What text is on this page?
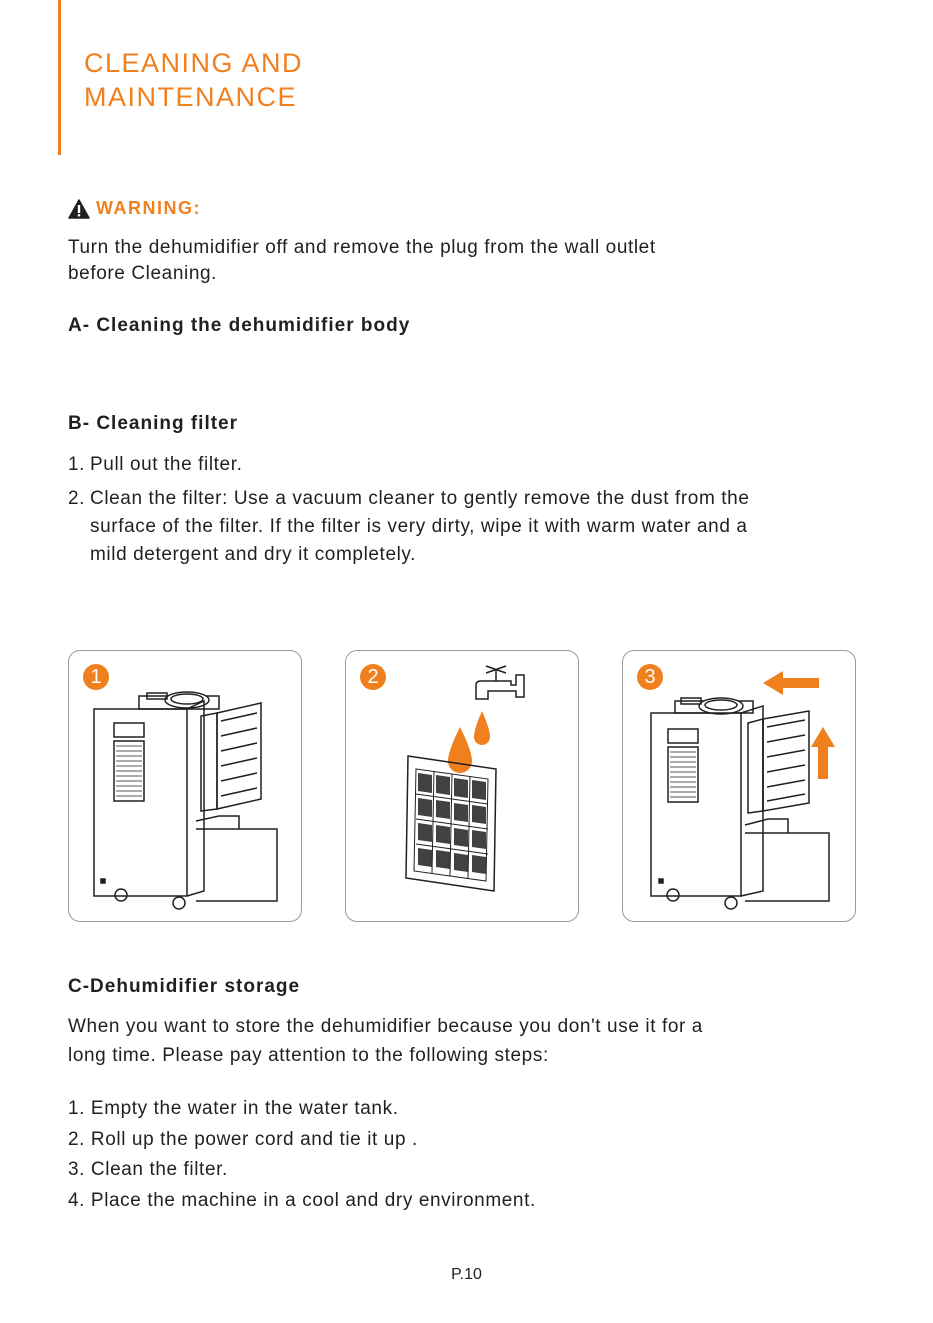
CLEANING AND
MAINTENANCE
WARNING:
Turn the dehumidifier off and remove the plug from the wall outlet
before Cleaning.
A- Cleaning the dehumidifier body
B- Cleaning filter
1. Pull out the filter.
2. Clean the filter: Use a vacuum cleaner to gently remove the dust from the
surface of the filter. If the filter is very dirty, wipe it with warm water and a
mild detergent and dry it completely.
1	2	3
C-Dehumidifier storage
When you want to store the dehumidifier because you don't use it for a
long time. Please pay attention to the following steps:
1. Empty the water in the water tank.
2. Roll up the power cord and tie it up .
3. Clean the filter.
4. Place the machine in a cool and dry environment.
P.10
